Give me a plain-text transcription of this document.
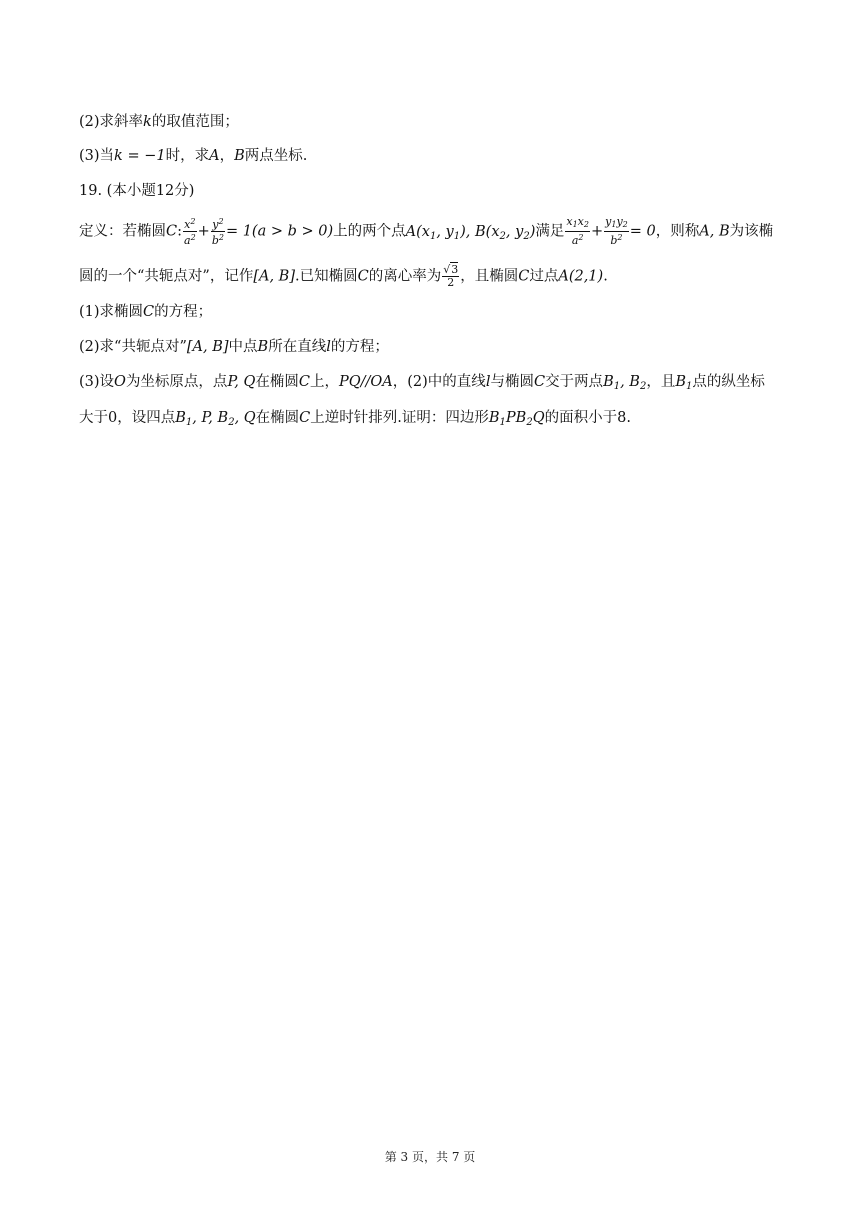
(2)求斜率k的取值范围；
(3)当k = −1时，求A，B两点坐标.
19. (本小题12分)
定义：若椭圆C: $\frac{x^2}{a^2} + \frac{y^2}{b^2} = 1(a > b > 0)$上的两个点$A(x_1$, $y_1$), $B(x_2$, $y_2$)满足 $\frac{x_1x_2}{a^2} + \frac{y_1y_2}{b^2} = 0$，则称A, B为该椭
圆的一个“共轭点对”，记作[A, B].已知椭圆C的离心率为 $\frac{√3}{2}$ ，且椭圆C过点A(2,1).
(1)求椭圆C的方程；
(2)求“共轭点对”[A, B]中点B所在直线l的方程；
(3)设O为坐标原点，点P, Q在椭圆C上，PQ//OA，(2)中的直线l与椭圆C交于两点$B_1$, $B_2$，且$B_1$点的纵坐标
大于0，设四点$B_1$, P, $B_2$, Q在椭圆C上逆时针排列.证明：四边形$B_1PB_2Q$的面积小于8.
第 3 页，共 7 页
